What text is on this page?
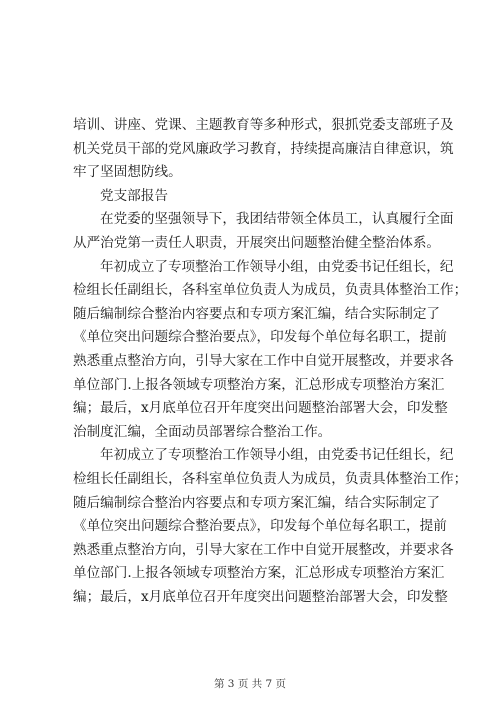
培训、讲座、党课、主题教育等多种形式，狠抓党委支部班子及
机关党员干部的党风廉政学习教育，持续提高廉洁自律意识，筑
牢了坚固想防线。
党支部报告
在党委的坚强领导下，我团结带领全体员工，认真履行全面
从严治党第一责任人职责，开展突出问题整治健全整治体系。
年初成立了专项整治工作领导小组，由党委书记任组长，纪
检组长任副组长，各科室单位负责人为成员，负责具体整治工作；
随后编制综合整治内容要点和专项方案汇编，结合实际制定了
《单位突出问题综合整治要点》，印发每个单位每名职工，提前
熟悉重点整治方向，引导大家在工作中自觉开展整改，并要求各
单位部门.上报各领域专项整治方案，汇总形成专项整治方案汇
编；最后，x月底单位召开年度突出问题整治部署大会，印发整
治制度汇编，全面动员部署综合整治工作。
年初成立了专项整治工作领导小组，由党委书记任组长，纪
检组长任副组长，各科室单位负责人为成员，负责具体整治工作；
随后编制综合整治内容要点和专项方案汇编，结合实际制定了
《单位突出问题综合整治要点》，印发每个单位每名职工，提前
熟悉重点整治方向，引导大家在工作中自觉开展整改，并要求各
单位部门.上报各领域专项整治方案，汇总形成专项整治方案汇
编；最后，x月底单位召开年度突出问题整治部署大会，印发整
第 3 页 共 7 页
